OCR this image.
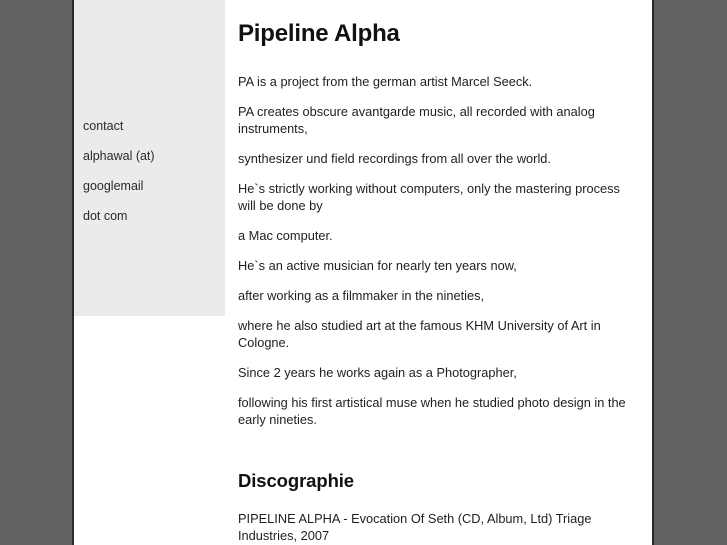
contact
alphawal (at)
googlemail
dot com
Pipeline Alpha

PA is a project from the german artist Marcel Seeck.

PA creates obscure avantgarde music, all recorded with analog instruments,

synthesizer und field recordings from all over the world.

He`s strictly working without computers, only the mastering process will be done by

a Mac computer.

He`s an active musician for nearly ten years now,

after working as a filmmaker in the nineties,

where he also studied art at the famous KHM University of Art in Cologne.

Since 2 years he works again as a Photographer,

following his first artistical muse when he studied photo design in the early nineties.

Discographie

PIPELINE ALPHA - Evocation Of Seth (CD, Album, Ltd) Triage Industries, 2007
